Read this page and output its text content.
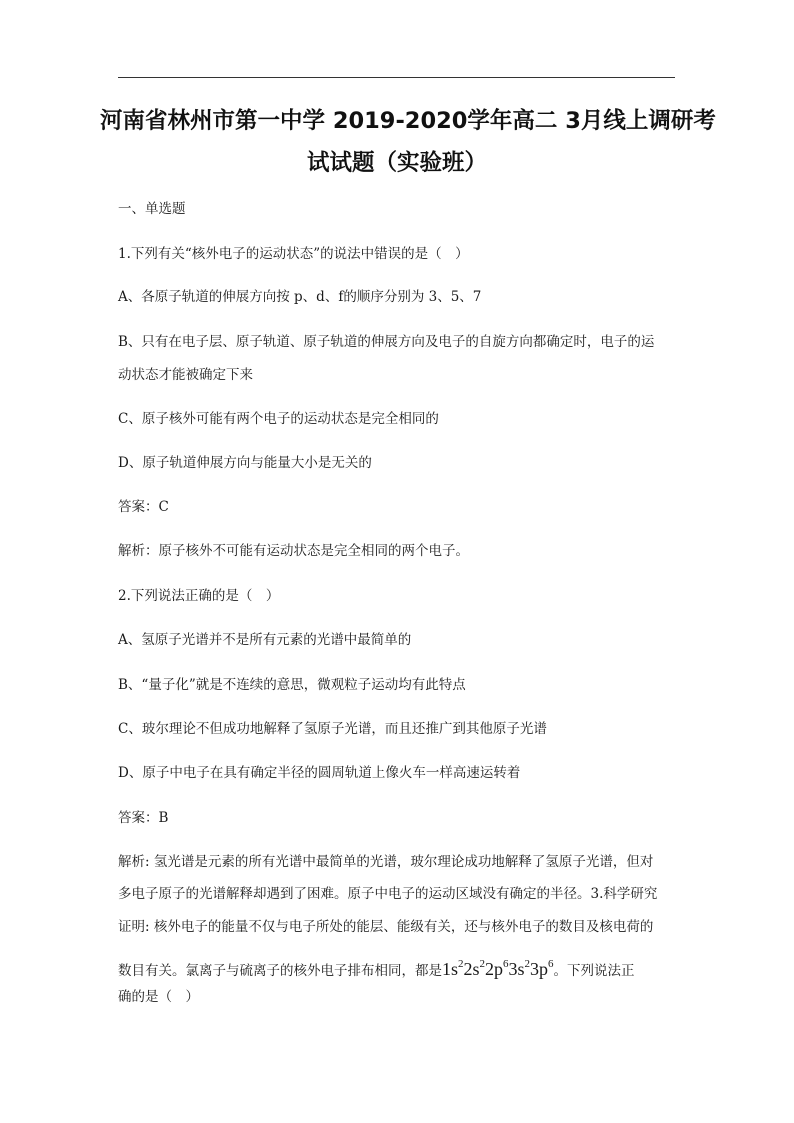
河南省林州市第一中学 2019-2020学年高二 3月线上调研考
试试题（实验班）
一、单选题
1.下列有关“核外电子的运动状态”的说法中错误的是（　）
A、各原子轨道的伸展方向按 p、d、f的顺序分别为 3、5、7
B、只有在电子层、原子轨道、原子轨道的伸展方向及电子的自旋方向都确定时，电子的运
动状态才能被确定下来
C、原子核外可能有两个电子的运动状态是完全相同的
D、原子轨道伸展方向与能量大小是无关的
答案：C
解析：原子核外不可能有运动状态是完全相同的两个电子。
2.下列说法正确的是（　）
A、氢原子光谱并不是所有元素的光谱中最简单的
B、“量子化”就是不连续的意思，微观粒子运动均有此特点
C、玻尔理论不但成功地解释了氢原子光谱，而且还推广到其他原子光谱
D、原子中电子在具有确定半径的圆周轨道上像火车一样高速运转着
答案：B
解析: 氢光谱是元素的所有光谱中最简单的光谱，玻尔理论成功地解释了氢原子光谱，但对
多电子原子的光谱解释却遇到了困难。原子中电子的运动区域没有确定的半径。3.科学研究
证明: 核外电子的能量不仅与电子所处的能层、能级有关，还与核外电子的数目及核电荷的
数目有关。氯离子与硫离子的核外电子排布相同，都是$1s^22s^22p^63s^23p^6$。下列说法正
确的是（　）
